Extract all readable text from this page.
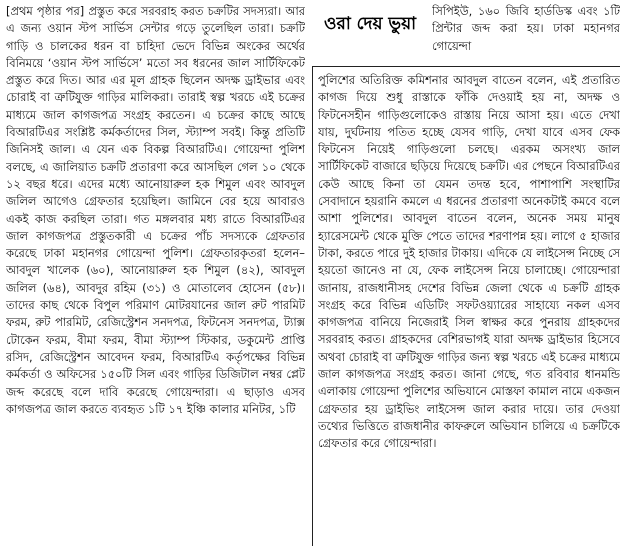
[প্রথম পৃষ্ঠার পর] প্রস্তুত করে সরবরাহ করত চক্রটির সদস্যরা। আর এ জন্য ওয়ান স্টপ সার্ভিস সেন্টার গড়ে তুলেছিল তারা। চক্রটি গাড়ি ও চালকের ধরন বা চাহিদা ভেদে বিভিন্ন অংকের অর্থের বিনিময়ে ‘ওয়ান স্টপ সার্ভিসে’ মতো সব ধরনের জাল সার্টিফিকেট প্রস্তুত করে দিত। আর এর মূল গ্রাহক ছিলেন অদক্ষ ড্রাইভার এবং চোরাই বা ত্রুটিযুক্ত গাড়ির মালিকরা। তারাই স্বল্প খরচে এই চক্রের মাধ্যমে জাল কাগজপত্র সংগ্রহ করতেন। এ চক্রের কাছে আছে বিআরটিএর সংশ্লিষ্ট কর্মকর্তাদের সিল, স্ট্যাম্প সবই। কিন্তু প্রতিটি জিনিসই জাল। এ যেন এক বিকল্প বিআরটিএ। গোয়েন্দা পুলিশ বলছে, এ জালিয়াত চক্রটি প্রতারণা করে আসছিল গেল ১০ থেকে ১২ বছর ধরে। এদের মধ্যে আনোয়ারুল হক শিমুল এবং আবদুল জলিল আগেও গ্রেফতার হয়েছিল। জামিনে বের হয়ে আবারও একই কাজ করছিল তারা। গত মঙ্গলবার মধ্য রাতে বিআরটিএর জাল কাগজপত্র প্রস্তুতকারী এ চক্রের পাঁচ সদস্যকে গ্রেফতার করেছে ঢাকা মহানগর গোয়েন্দা পুলিশ। গ্রেফতারকৃতরা হলেন– আবদুল খালেক (৬০), আনোয়ারুল হক শিমুল (৪২), আবদুল জলিল (৬৪), আবদুর রহিম (৩১) ও মোতালেব হোসেন (৫৮)। তাদের কাছ থেকে বিপুল পরিমাণ মোটরযানের জাল রুট পারমিট ফরম, রুট পারমিট, রেজিস্ট্রেশন সনদপত্র, ফিটনেস সনদপত্র, ট্যাক্স টোকেন ফরম, বীমা ফরম, বীমা স্ট্যাম্প স্টিকার, ডকুমেন্ট প্রাপ্তি রসিদ, রেজিস্ট্রেশন আবেদন ফরম, বিআরটিএ কর্তৃপক্ষের বিভিন্ন কর্মকর্তা ও অফিসের ১৫০টি সিল এবং গাড়ির ডিজিটাল নম্বর প্লেট জব্দ করেছে বলে দাবি করেছে গোয়েন্দারা। এ ছাড়াও এসব কাগজপত্র জাল করতে ব্যবহৃত ১টি ১৭ ইঞ্চি কালার মনিটর, ১টি

ওরা দেয় ভুয়া

সিপিইউ, ১৬০ জিবি হার্ডডিস্ক এবং ১টি প্রিন্টার জব্দ করা হয়। ঢাকা মহানগর গোয়েন্দা

পুলিশের অতিরিক্ত কমিশনার আবদুল বাতেন বলেন, এই প্রতারিত কাগজ দিয়ে শুধু রাস্তাকে ফাঁকি দেওয়াই হয় না, অদক্ষ ও ফিটনেসহীন গাড়িগুলোকেও রাস্তায় নিয়ে আসা হয়। এতে দেখা যায়, দুর্ঘটনায় পতিত হচ্ছে যেসব গাড়ি, দেখা যাবে এসব ফেক ফিটনেস নিয়েই গাড়িগুলো চলছে। এরকম অসংখ্য জাল সার্টিফিকেট বাজারে ছড়িয়ে দিয়েছে চক্রটি। এর পেছনে বিআরটিএর কেউ আছে কিনা তা যেমন তদন্ত হবে, পাশাপাশি সংস্থাটির সেবাদানে হয়রানি কমলে এ ধরনের প্রতারণা অনেকটাই কমবে বলে আশা পুলিশের। আবদুল বাতেন বলেন, অনেক সময় মানুষ হ্যারেসমেন্ট থেকে মুক্তি পেতে তাদের শরণাপন্ন হয়। লাগে ৫ হাজার টাকা, করতে পারে দুই হাজার টাকায়। এদিকে যে লাইসেন্স নিচ্ছে সে হয়তো জানেও না যে, ফেক লাইসেন্স নিয়ে চালাচ্ছে। গোয়েন্দারা জানায়, রাজধানীসহ দেশের বিভিন্ন জেলা থেকে এ চক্রটি গ্রাহক সংগ্রহ করে বিভিন্ন এডিটিং সফটওয়্যারের সাহায্যে নকল এসব কাগজপত্র বানিয়ে নিজেরাই সিল স্বাক্ষর করে পুনরায় গ্রাহকদের সরবরাহ করত। গ্রাহকদের বেশিরভাগই যারা অদক্ষ ড্রাইভার হিসেবে অথবা চোরাই বা ত্রুটিযুক্ত গাড়ির জন্য স্বল্প খরচে এই চক্রের মাধ্যমে জাল কাগজপত্র সংগ্রহ করত। জানা গেছে, গত রবিবার ধানমন্ডি এলাকায় গোয়েন্দা পুলিশের অভিযানে মোস্তফা কামাল নামে একজন গ্রেফতার হয় ড্রাইভিং লাইসেন্স জাল করার দায়ে। তার দেওয়া তথ্যের ভিত্তিতে রাজধানীর কাফরুলে অভিযান চালিয়ে এ চক্রটিকে গ্রেফতার করে গোয়েন্দারা।
